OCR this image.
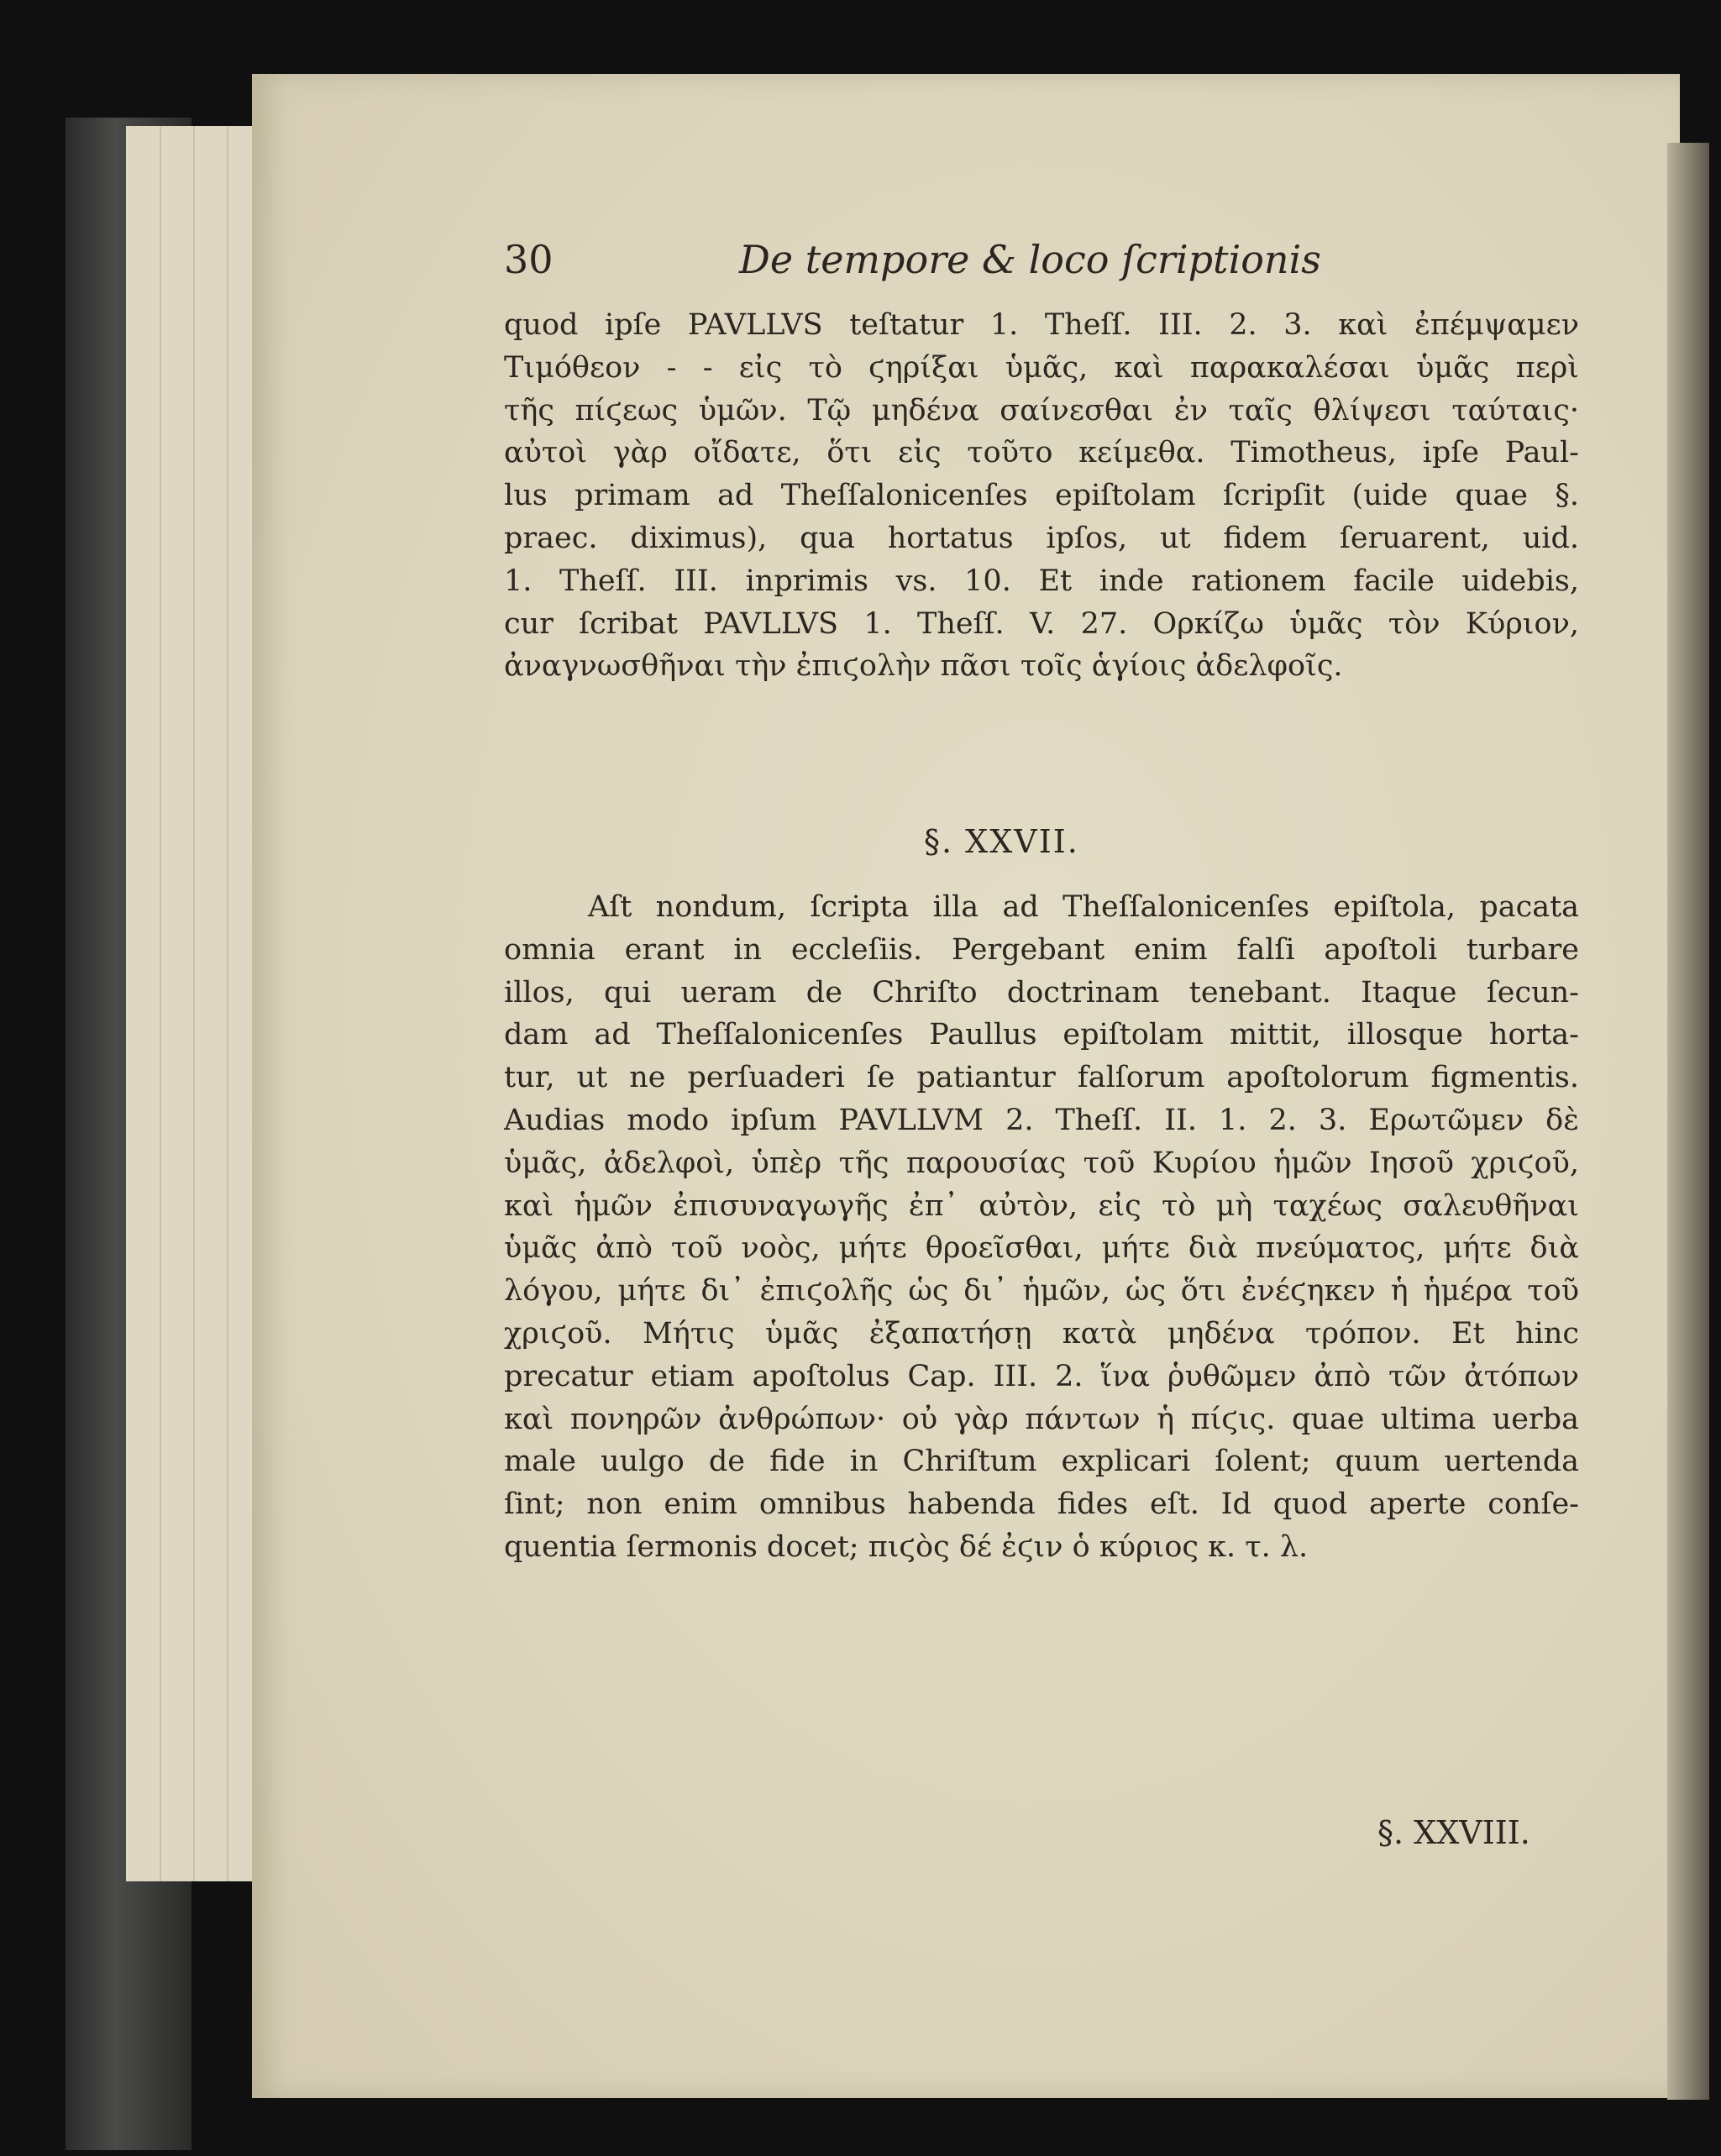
30	De tempore & loco ſcriptionis
quod ipſe PAVLLVS teſtatur 1. Theſſ. III. 2. 3. καὶ ἐπέμψαμεν
Τιμόθεον - - εἰς τὸ ϛηρίξαι ὑμᾶς, καὶ παρακαλέσαι ὑμᾶς περὶ
τῆς πίϛεως ὑμῶν. Τῷ μηδένα σαίνεσθαι ἐν ταῖς θλίψεσι ταύταις·
αὐτοὶ γὰρ οἴδατε, ὅτι εἰς τοῦτο κείμεθα. Timotheus, ipſe Paul-
lus primam ad Theſſalonicenſes epiſtolam ſcripſit (uide quae §.
praec. diximus), qua hortatus ipſos, ut fidem ſeruarent, uid.
1. Theſſ. III. inprimis vs. 10. Et inde rationem facile uidebis,
cur ſcribat PAVLLVS 1. Theſſ. V. 27. Ορκίζω ὑμᾶς τὸν Κύριον,
ἀναγνωσθῆναι τὴν ἐπιϛολὴν πᾶσι τοῖς ἁγίοις ἀδελφοῖς.
§. XXVII.
Aſt nondum, ſcripta illa ad Theſſalonicenſes epiſtola, pacata
omnia erant in eccleſiis. Pergebant enim falſi apoſtoli turbare
illos, qui ueram de Chriſto doctrinam tenebant. Itaque ſecun-
dam ad Theſſalonicenſes Paullus epiſtolam mittit, illosque horta-
tur, ut ne perſuaderi ſe patiantur falſorum apoſtolorum figmentis.
Audias modo ipſum PAVLLVM 2. Theſſ. II. 1. 2. 3. Ερωτῶμεν δὲ
ὑμᾶς, ἀδελφοὶ, ὑπὲρ τῆς παρουσίας τοῦ Κυρίου ἡμῶν Ιησοῦ χριϛοῦ,
καὶ ἡμῶν ἐπισυναγωγῆς ἐπ᾽ αὐτὸν, εἰς τὸ μὴ ταχέως σαλευθῆναι
ὑμᾶς ἀπὸ τοῦ νοὸς, μήτε θροεῖσθαι, μήτε διὰ πνεύματος, μήτε διὰ
λόγου, μήτε δι᾽ ἐπιϛολῆς ὡς δι᾽ ἡμῶν, ὡς ὅτι ἐνέϛηκεν ἡ ἡμέρα τοῦ
χριϛοῦ. Μήτις ὑμᾶς ἐξαπατήσῃ κατὰ μηδένα τρόπον. Et hinc
precatur etiam apoſtolus Cap. III. 2. ἵνα ῥυθῶμεν ἀπὸ τῶν ἀτόπων
καὶ πονηρῶν ἀνθρώπων· οὐ γὰρ πάντων ἡ πίϛις. quae ultima uerba
male uulgo de fide in Chriſtum explicari ſolent; quum uertenda
ſint; non enim omnibus habenda fides eſt. Id quod aperte conſe-
quentia ſermonis docet; πιϛὸς δέ ἐϛιν ὁ κύριος κ. τ. λ.
§. XXVIII.
